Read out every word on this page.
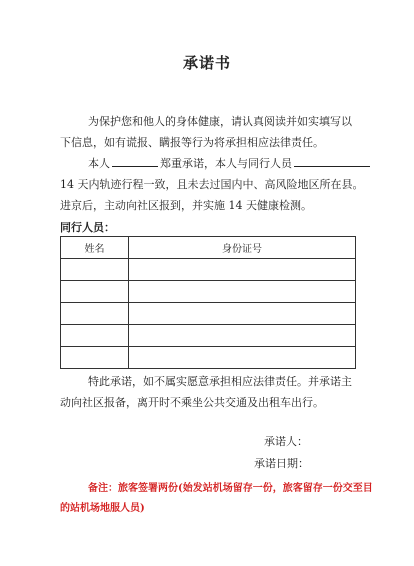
承诺书
为保护您和他人的身体健康，请认真阅读并如实填写以
下信息，如有谎报、瞒报等行为将承担相应法律责任。
本人	郑重承诺，本人与同行人员
14 天内轨迹行程一致，且未去过国内中、高风险地区所在县。
进京后，主动向社区报到，并实施 14 天健康检测。
同行人员：
姓名	身份证号

特此承诺，如不属实愿意承担相应法律责任。并承诺主
动向社区报备，离开时不乘坐公共交通及出租车出行。
承诺人：
承诺日期：
备注：旅客签署两份(始发站机场留存一份，旅客留存一份交至目
的站机场地服人员)
